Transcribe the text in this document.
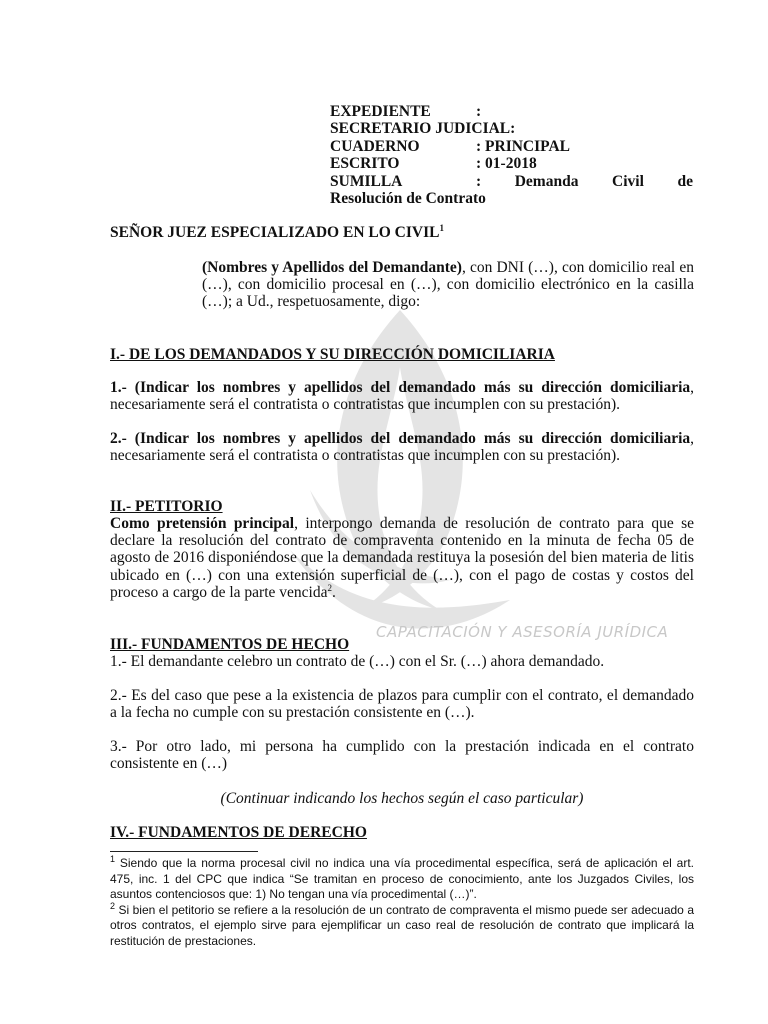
CAPACITACIÓN Y ASESORÍA JURÍDICA
EXPEDIENTE	:
SECRETARIO JUDICIAL:
CUADERNO	: PRINCIPAL
ESCRITO	: 01-2018
SUMILLA	: Demanda Civil de
Resolución de Contrato
SEÑOR JUEZ ESPECIALIZADO EN LO CIVIL$^1$
(Nombres y Apellidos del Demandante), con DNI (…), con domicilio real en (…), con domicilio procesal en (…), con domicilio electrónico en la casilla (…); a Ud., respetuosamente, digo:
I.- DE LOS DEMANDADOS Y SU DIRECCIÓN DOMICILIARIA
1.- (Indicar los nombres y apellidos del demandado más su dirección domiciliaria, necesariamente será el contratista o contratistas que incumplen con su prestación).
2.- (Indicar los nombres y apellidos del demandado más su dirección domiciliaria, necesariamente será el contratista o contratistas que incumplen con su prestación).
II.- PETITORIO
Como pretensión principal, interpongo demanda de resolución de contrato para que se declare la resolución del contrato de compraventa contenido en la minuta de fecha 05 de agosto de 2016 disponiéndose que la demandada restituya la posesión del bien materia de litis ubicado en (…) con una extensión superficial de (…), con el pago de costas y costos del proceso a cargo de la parte vencida$^2$.
III.- FUNDAMENTOS DE HECHO
1.- El demandante celebro un contrato de (…) con el Sr. (…) ahora demandado.
2.- Es del caso que pese a la existencia de plazos para cumplir con el contrato, el demandado a la fecha no cumple con su prestación consistente en (…).
3.- Por otro lado, mi persona ha cumplido con la prestación indicada en el contrato consistente en (…)
(Continuar indicando los hechos según el caso particular)
IV.- FUNDAMENTOS DE DERECHO

$^1$ Siendo que la norma procesal civil no indica una vía procedimental específica, será de aplicación el art. 475, inc. 1 del CPC que indica “Se tramitan en proceso de conocimiento, ante los Juzgados Civiles, los asuntos contenciosos que: 1) No tengan una vía procedimental (…)”.

$^2$ Si bien el petitorio se refiere a la resolución de un contrato de compraventa el mismo puede ser adecuado a otros contratos, el ejemplo sirve para ejemplificar un caso real de resolución de contrato que implicará la restitución de prestaciones.
